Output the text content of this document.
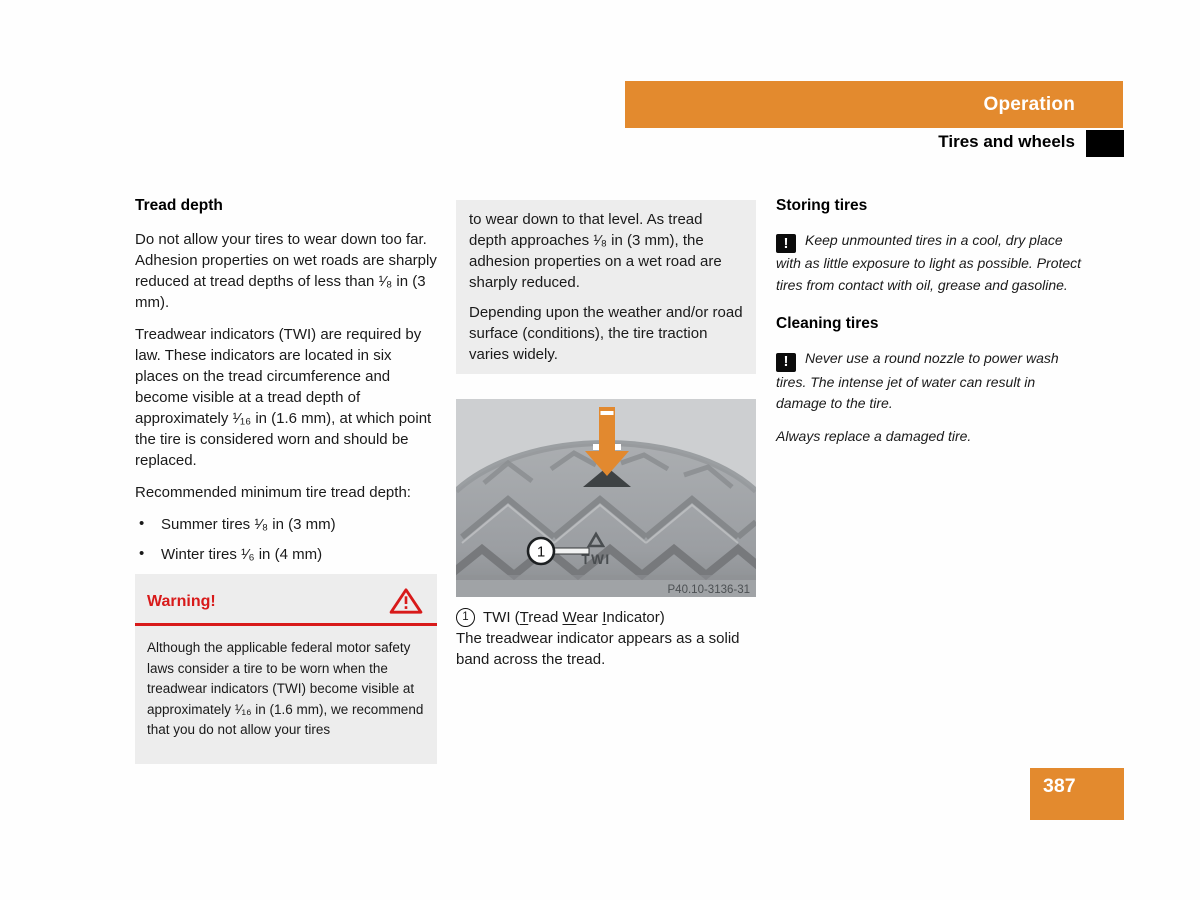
Operation
Tires and wheels
Tread depth

Do not allow your tires to wear down too far. Adhesion properties on wet roads are sharply reduced at tread depths of less than ¹⁄₈ in (3 mm).

Treadwear indicators (TWI) are required by law. These indicators are located in six places on the tread circumference and become visible at a tread depth of approximately ¹⁄₁₆ in (1.6 mm), at which point the tire is considered worn and should be replaced.

Recommended minimum tire tread depth:

• Summer tires ¹⁄₈ in (3 mm)
• Winter tires ¹⁄₆ in (4 mm)
Warning!

Although the applicable federal motor safety laws consider a tire to be worn when the treadwear indicators (TWI) become visible at approximately ¹⁄₁₆ in (1.6 mm), we recommend that you do not allow your tires

to wear down to that level. As tread depth approaches ¹⁄₈ in (3 mm), the adhesion properties on a wet road are sharply reduced.

Depending upon the weather and/or road surface (conditions), the tire traction varies widely.

1	TWI
P40.10-3136-31
1 TWI (Tread Wear Indicator)

The treadwear indicator appears as a solid band across the tread.

Storing tires

! Keep unmounted tires in a cool, dry place with as little exposure to light as possible. Protect tires from contact with oil, grease and gasoline.

Cleaning tires

! Never use a round nozzle to power wash tires. The intense jet of water can result in damage to the tire.

Always replace a damaged tire.

387
